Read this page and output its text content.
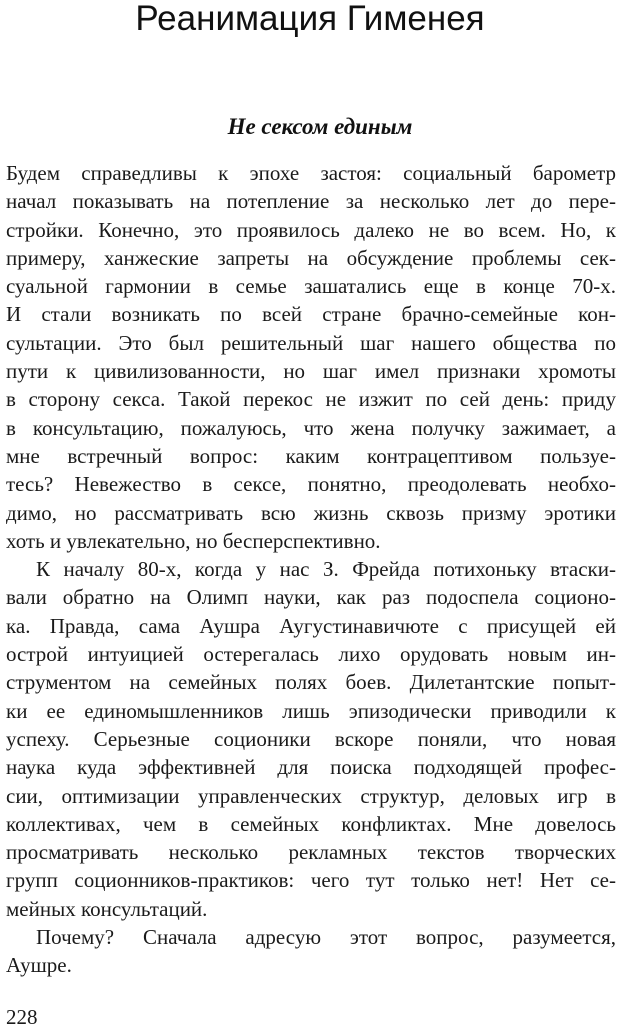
Реанимация Гименея
Не сексом единым
Будем справедливы к эпохе застоя: социальный барометр
начал показывать на потепление за несколько лет до пере-
стройки. Конечно, это проявилось далеко не во всем. Но, к
примеру, ханжеские запреты на обсуждение проблемы сек-
суальной гармонии в семье зашатались еще в конце 70-х.
И стали возникать по всей стране брачно-семейные кон-
сультации. Это был решительный шаг нашего общества по
пути к цивилизованности, но шаг имел признаки хромоты
в сторону секса. Такой перекос не изжит по сей день: приду
в консультацию, пожалуюсь, что жена получку зажимает, а
мне встречный вопрос: каким контрацептивом пользуе-
тесь? Невежество в сексе, понятно, преодолевать необхо-
димо, но рассматривать всю жизнь сквозь призму эротики
хоть и увлекательно, но бесперспективно.
К началу 80-х, когда у нас З. Фрейда потихоньку втаски-
вали обратно на Олимп науки, как раз подоспела соционо-
ка. Правда, сама Аушра Аугустинавичюте с присущей ей
острой интуицией остерегалась лихо орудовать новым ин-
струментом на семейных полях боев. Дилетантские попыт-
ки ее единомышленников лишь эпизодически приводили к
успеху. Серьезные соционики вскоре поняли, что новая
наука куда эффективней для поиска подходящей профес-
сии, оптимизации управленческих структур, деловых игр в
коллективах, чем в семейных конфликтах. Мне довелось
просматривать несколько рекламных текстов творческих
групп соционников-практиков: чего тут только нет! Нет се-
мейных консультаций.
Почему? Сначала адресую этот вопрос, разумеется,
Аушре.
228
